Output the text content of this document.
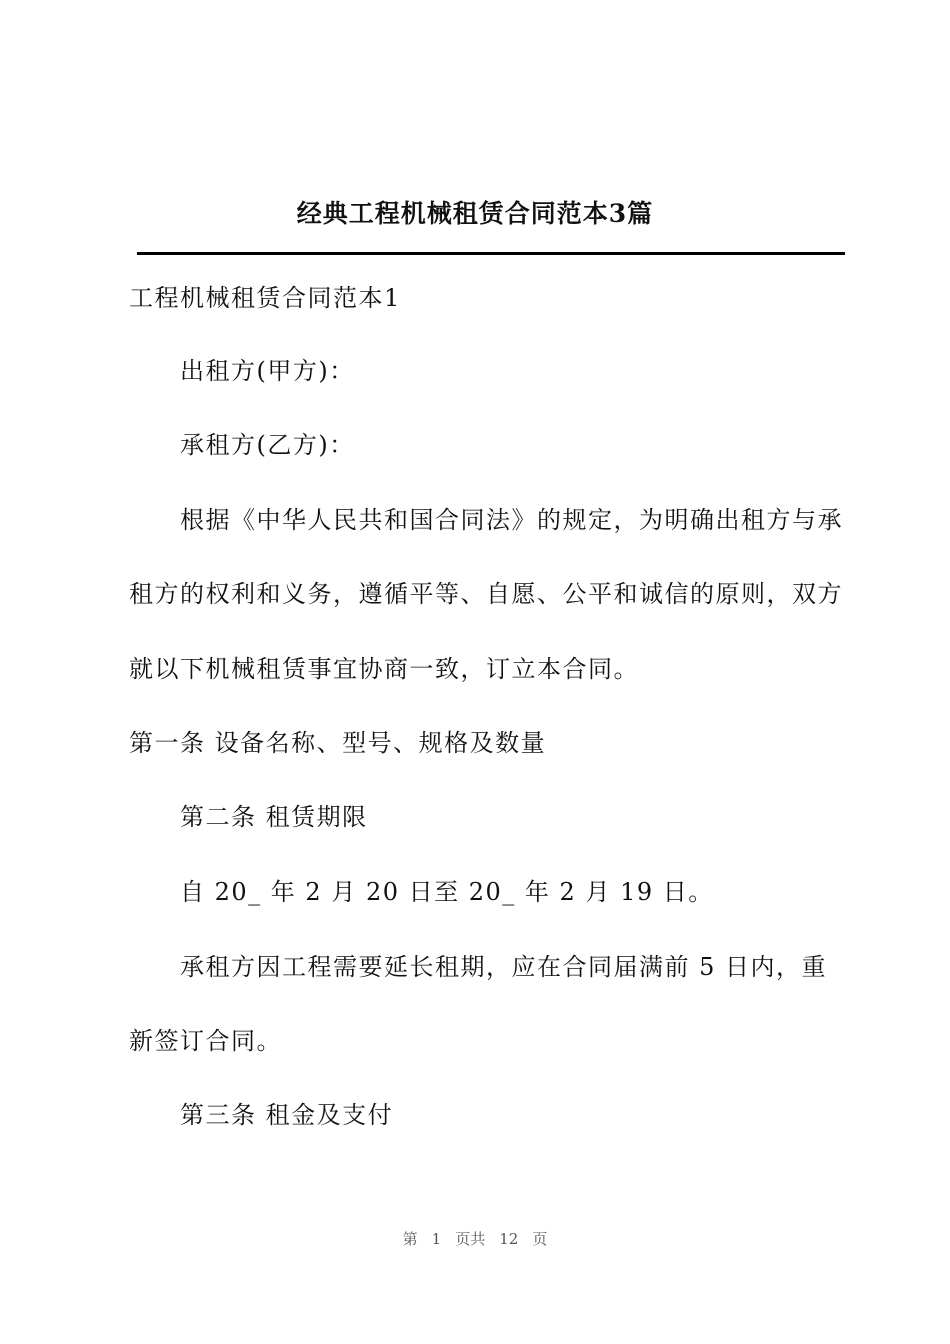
经典工程机械租赁合同范本3篇
工程机械租赁合同范本1
出租方(甲方)：
承租方(乙方)：
根据《中华人民共和国合同法》的规定，为明确出租方与承
租方的权利和义务，遵循平等、自愿、公平和诚信的原则，双方
就以下机械租赁事宜协商一致，订立本合同。
第一条 设备名称、型号、规格及数量
第二条 租赁期限
自 20_ 年 2 月 20 日至 20_ 年 2 月 19 日。
承租方因工程需要延长租期，应在合同届满前 5 日内，重
新签订合同。
第三条 租金及支付
第 1 页共 12 页
